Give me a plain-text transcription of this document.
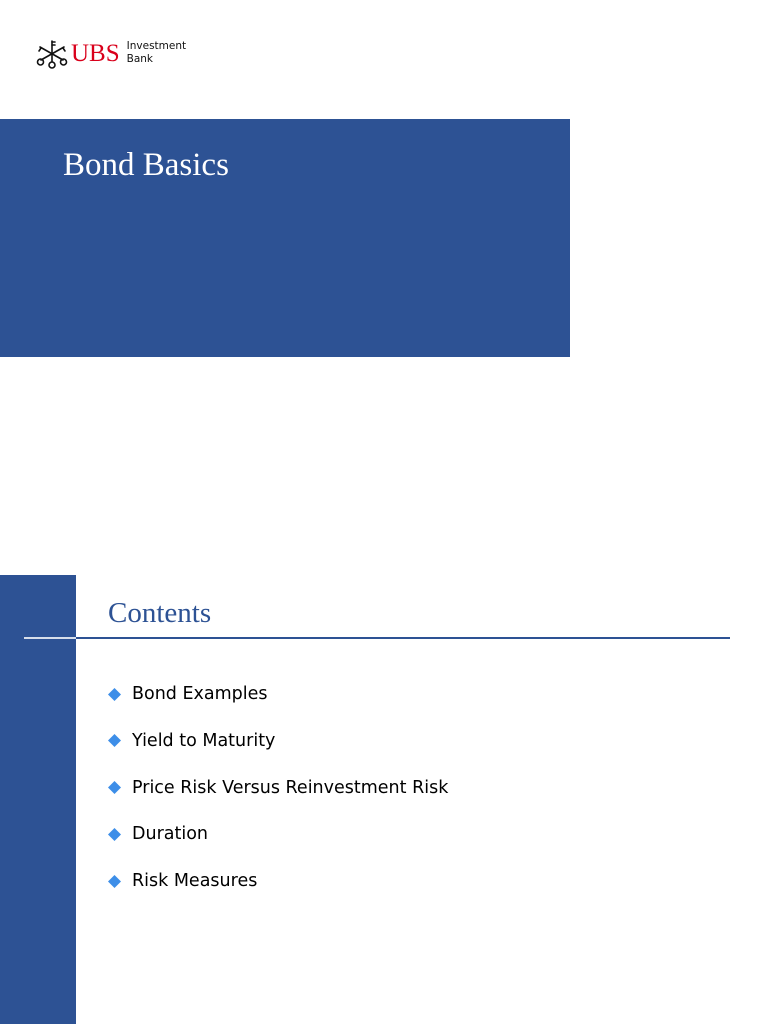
UBS Investment
Bank
Bond Basics
Contents
Bond Examples
Yield to Maturity
Price Risk Versus Reinvestment Risk
Duration
Risk Measures
